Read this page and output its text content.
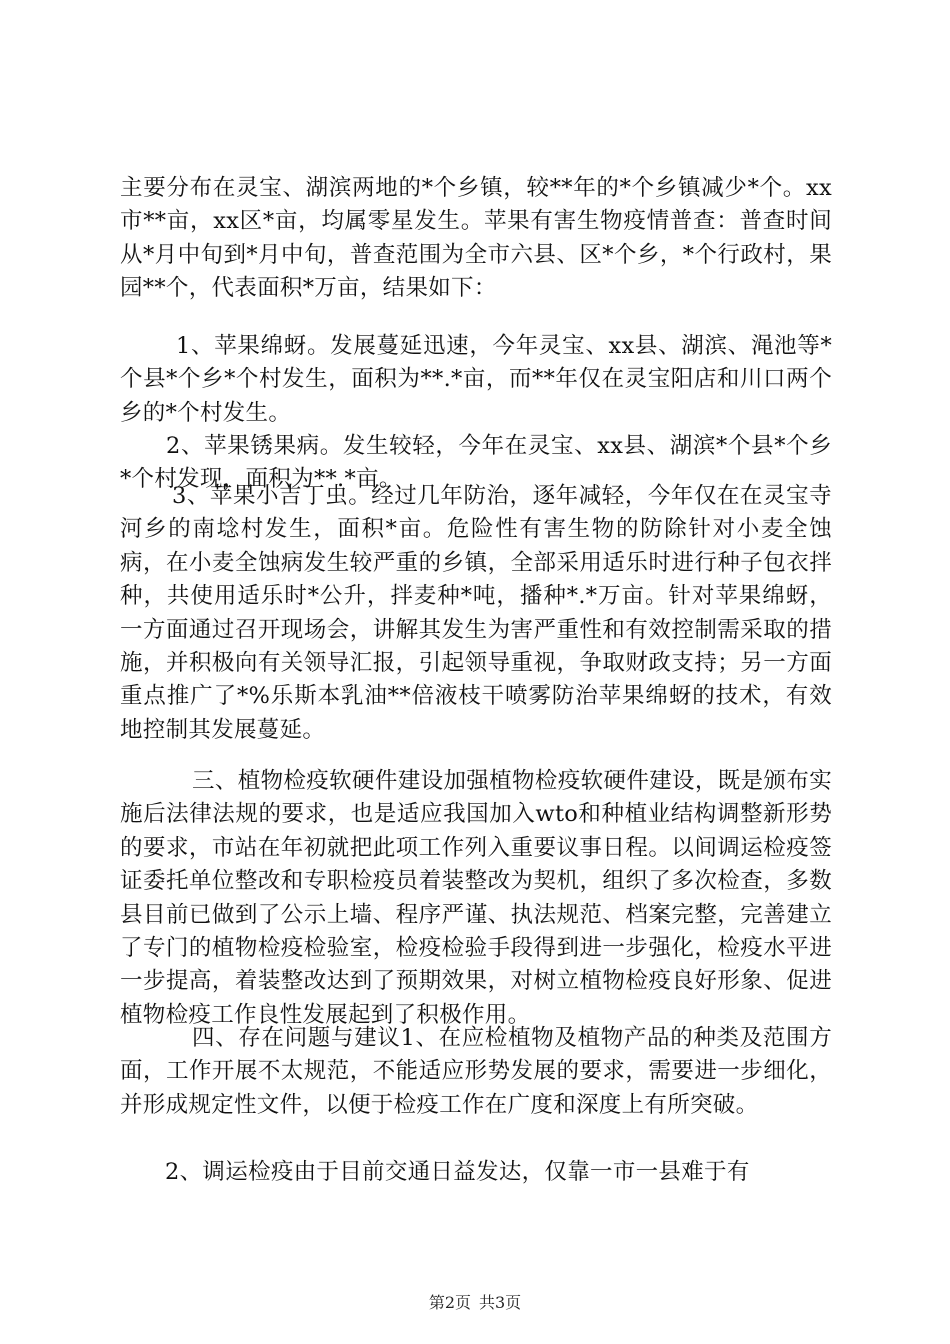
主要分布在灵宝、湖滨两地的*个乡镇，较**年的*个乡镇减少*个。xx市**亩，xx区*亩，均属零星发生。苹果有害生物疫情普查：普查时间从*月中旬到*月中旬，普查范围为全市六县、区*个乡，*个行政村，果园**个，代表面积*万亩，结果如下：

1、苹果绵蚜。发展蔓延迅速，今年灵宝、xx县、湖滨、渑池等*个县*个乡*个村发生，面积为**.*亩，而**年仅在灵宝阳店和川口两个乡的*个村发生。

2、苹果锈果病。发生较轻，今年在灵宝、xx县、湖滨*个县*个乡*个村发现，面积为**.*亩。

3、苹果小吉丁虫。经过几年防治，逐年减轻，今年仅在在灵宝寺河乡的南埝村发生，面积*亩。危险性有害生物的防除针对小麦全蚀病，在小麦全蚀病发生较严重的乡镇，全部采用适乐时进行种子包衣拌种，共使用适乐时*公升，拌麦种*吨，播种*.*万亩。针对苹果绵蚜，一方面通过召开现场会，讲解其发生为害严重性和有效控制需采取的措施，并积极向有关领导汇报，引起领导重视，争取财政支持；另一方面重点推广了*%乐斯本乳油**倍液枝干喷雾防治苹果绵蚜的技术，有效地控制其发展蔓延。

三、植物检疫软硬件建设加强植物检疫软硬件建设，既是颁布实施后法律法规的要求，也是适应我国加入wto和种植业结构调整新形势的要求，市站在年初就把此项工作列入重要议事日程。以间调运检疫签证委托单位整改和专职检疫员着装整改为契机，组织了多次检查，多数县目前已做到了公示上墙、程序严谨、执法规范、档案完整，完善建立了专门的植物检疫检验室，检疫检验手段得到进一步强化，检疫水平进一步提高，着装整改达到了预期效果，对树立植物检疫良好形象、促进植物检疫工作良性发展起到了积极作用。

四、存在问题与建议1、在应检植物及植物产品的种类及范围方面，工作开展不太规范，不能适应形势发展的要求，需要进一步细化，并形成规定性文件，以便于检疫工作在广度和深度上有所突破。

2、调运检疫由于目前交通日益发达，仅靠一市一县难于有

第2页 共3页
